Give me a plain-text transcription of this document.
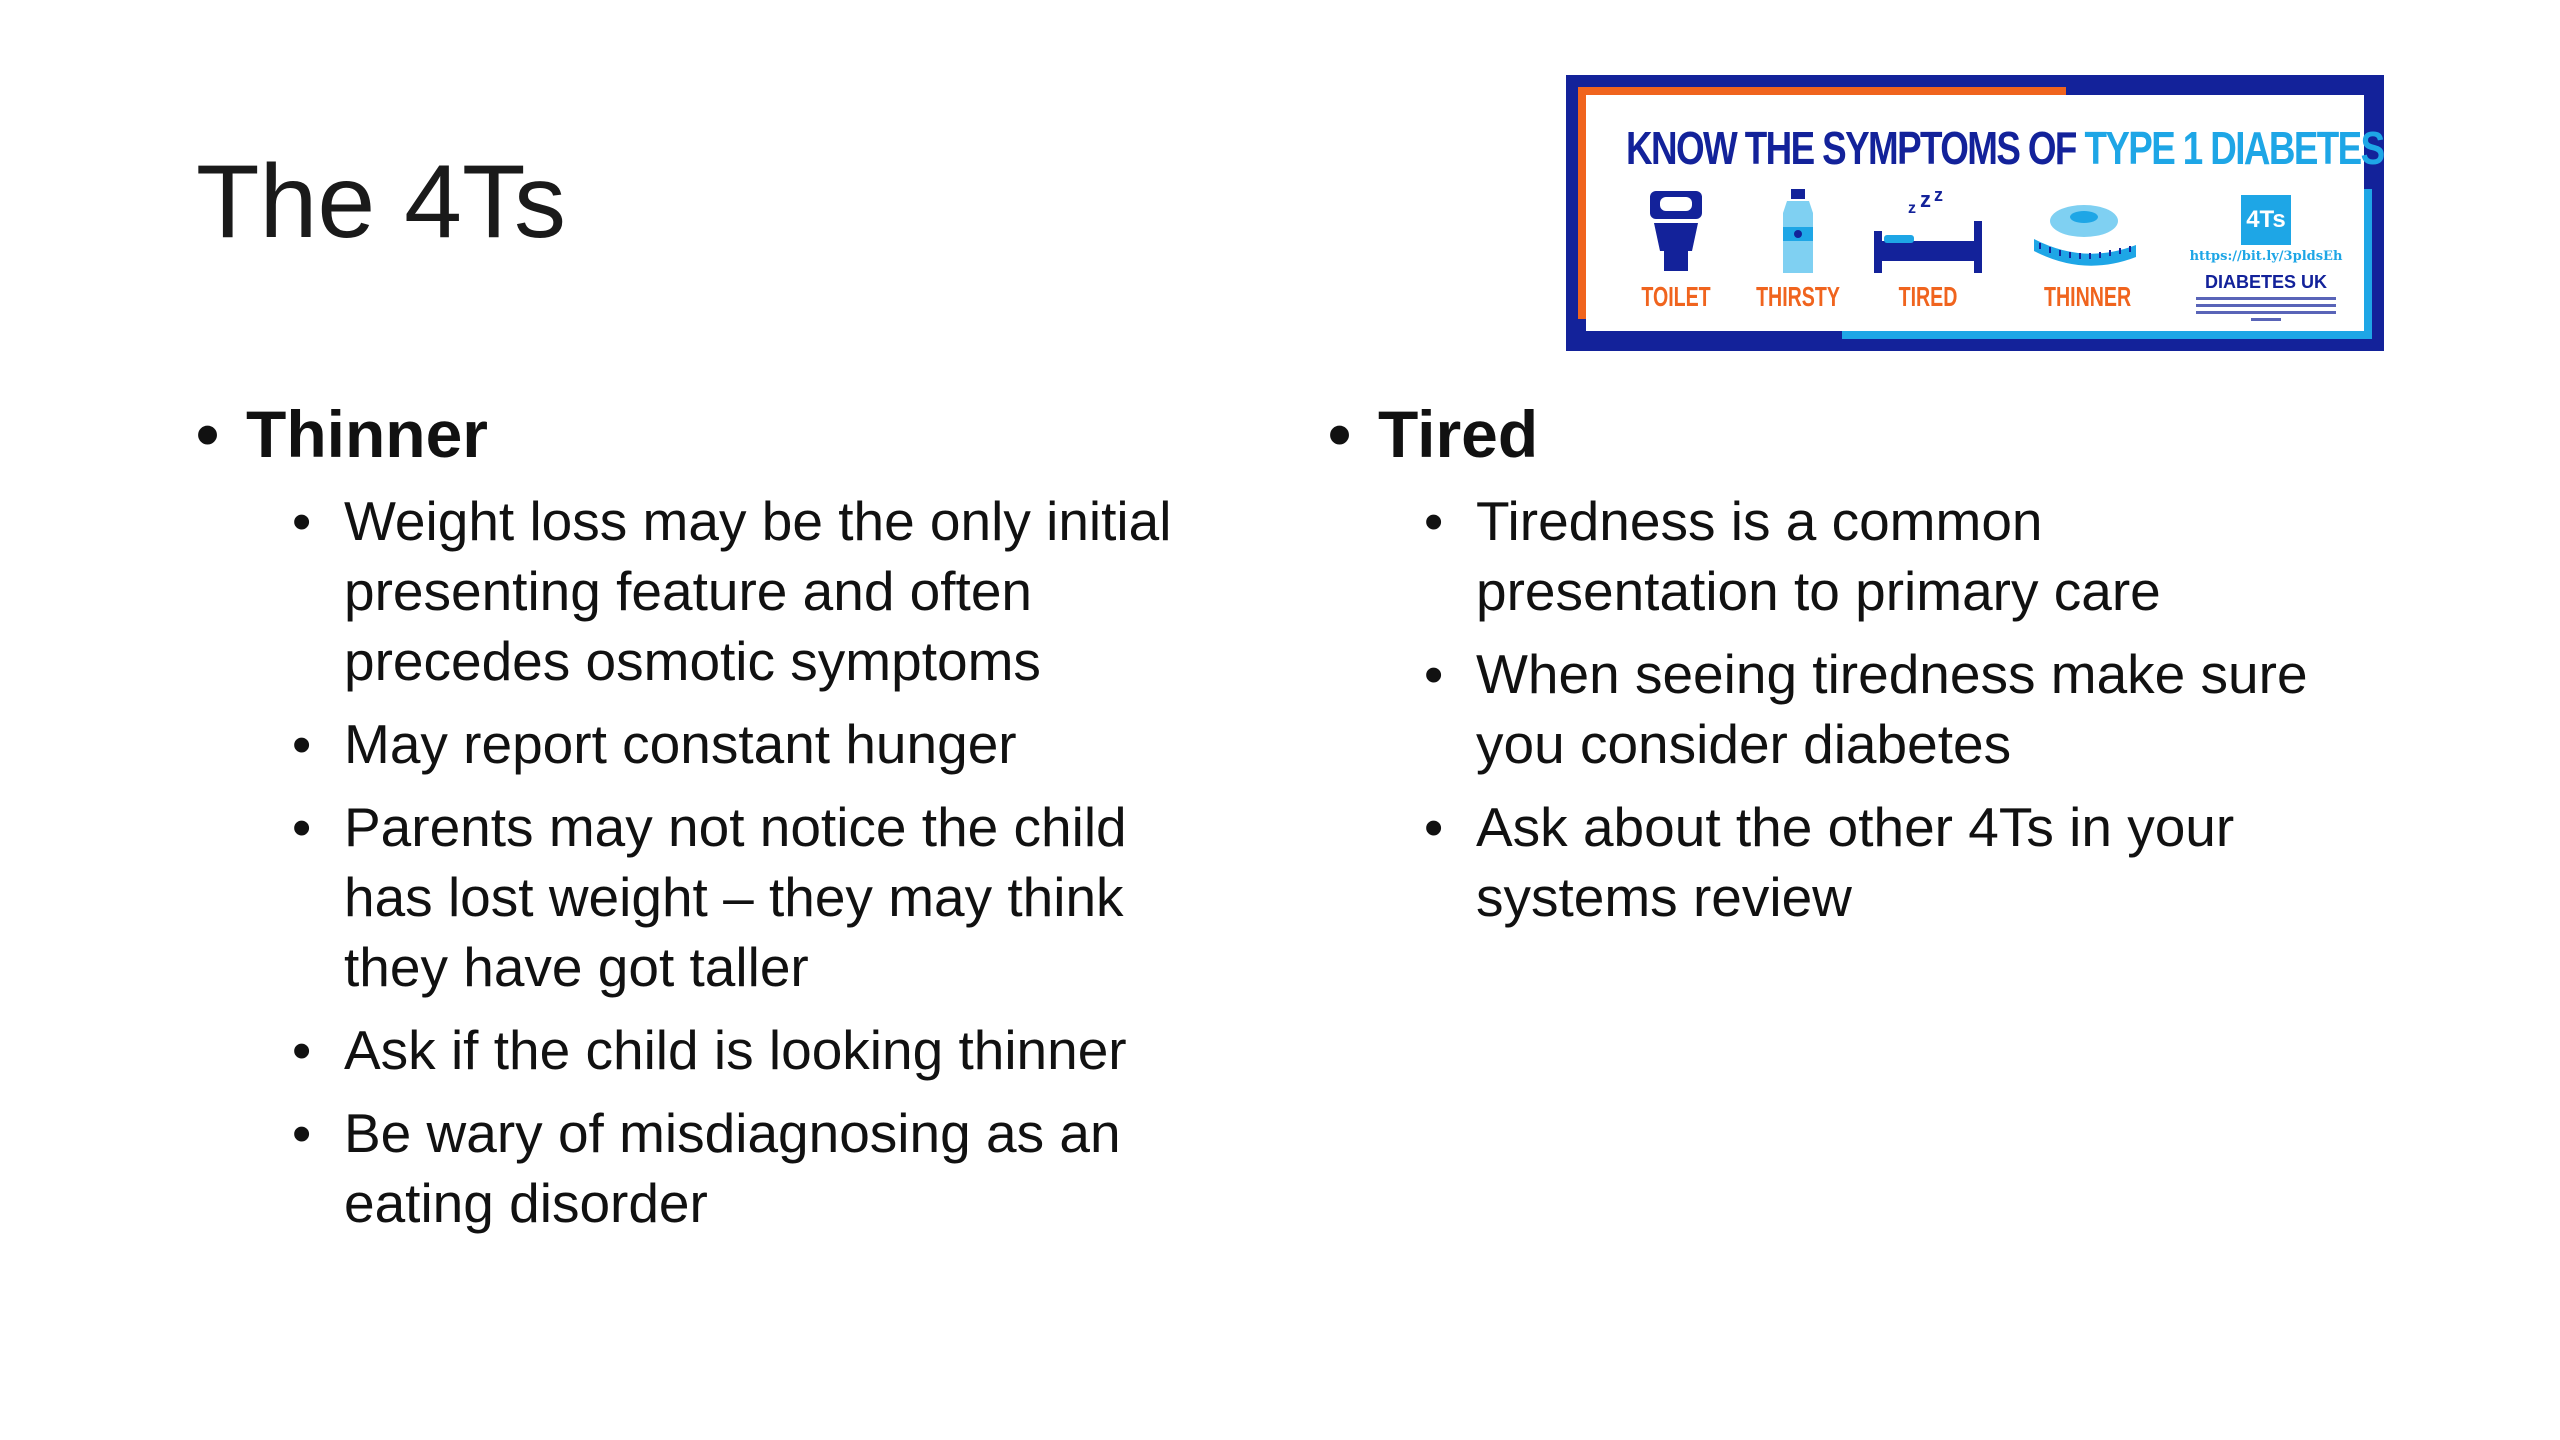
The 4Ts	KNOW THE SYMPTOMS OF TYPE 1 DIABETES

TOILET THIRSTY
z z z
TIRED	THINNER
4Ts
https://bit.ly/3pldsEh
DIABETES UK
• Thinner
• Weight loss may be the only initial
presenting feature and often
precedes osmotic symptoms
• May report constant hunger
• Parents may not notice the child
has lost weight – they may think
they have got taller
• Ask if the child is looking thinner
• Be wary of misdiagnosing as an
eating disorder
• Tired
• Tiredness is a common
presentation to primary care
• When seeing tiredness make sure
you consider diabetes
• Ask about the other 4Ts in your
systems review
